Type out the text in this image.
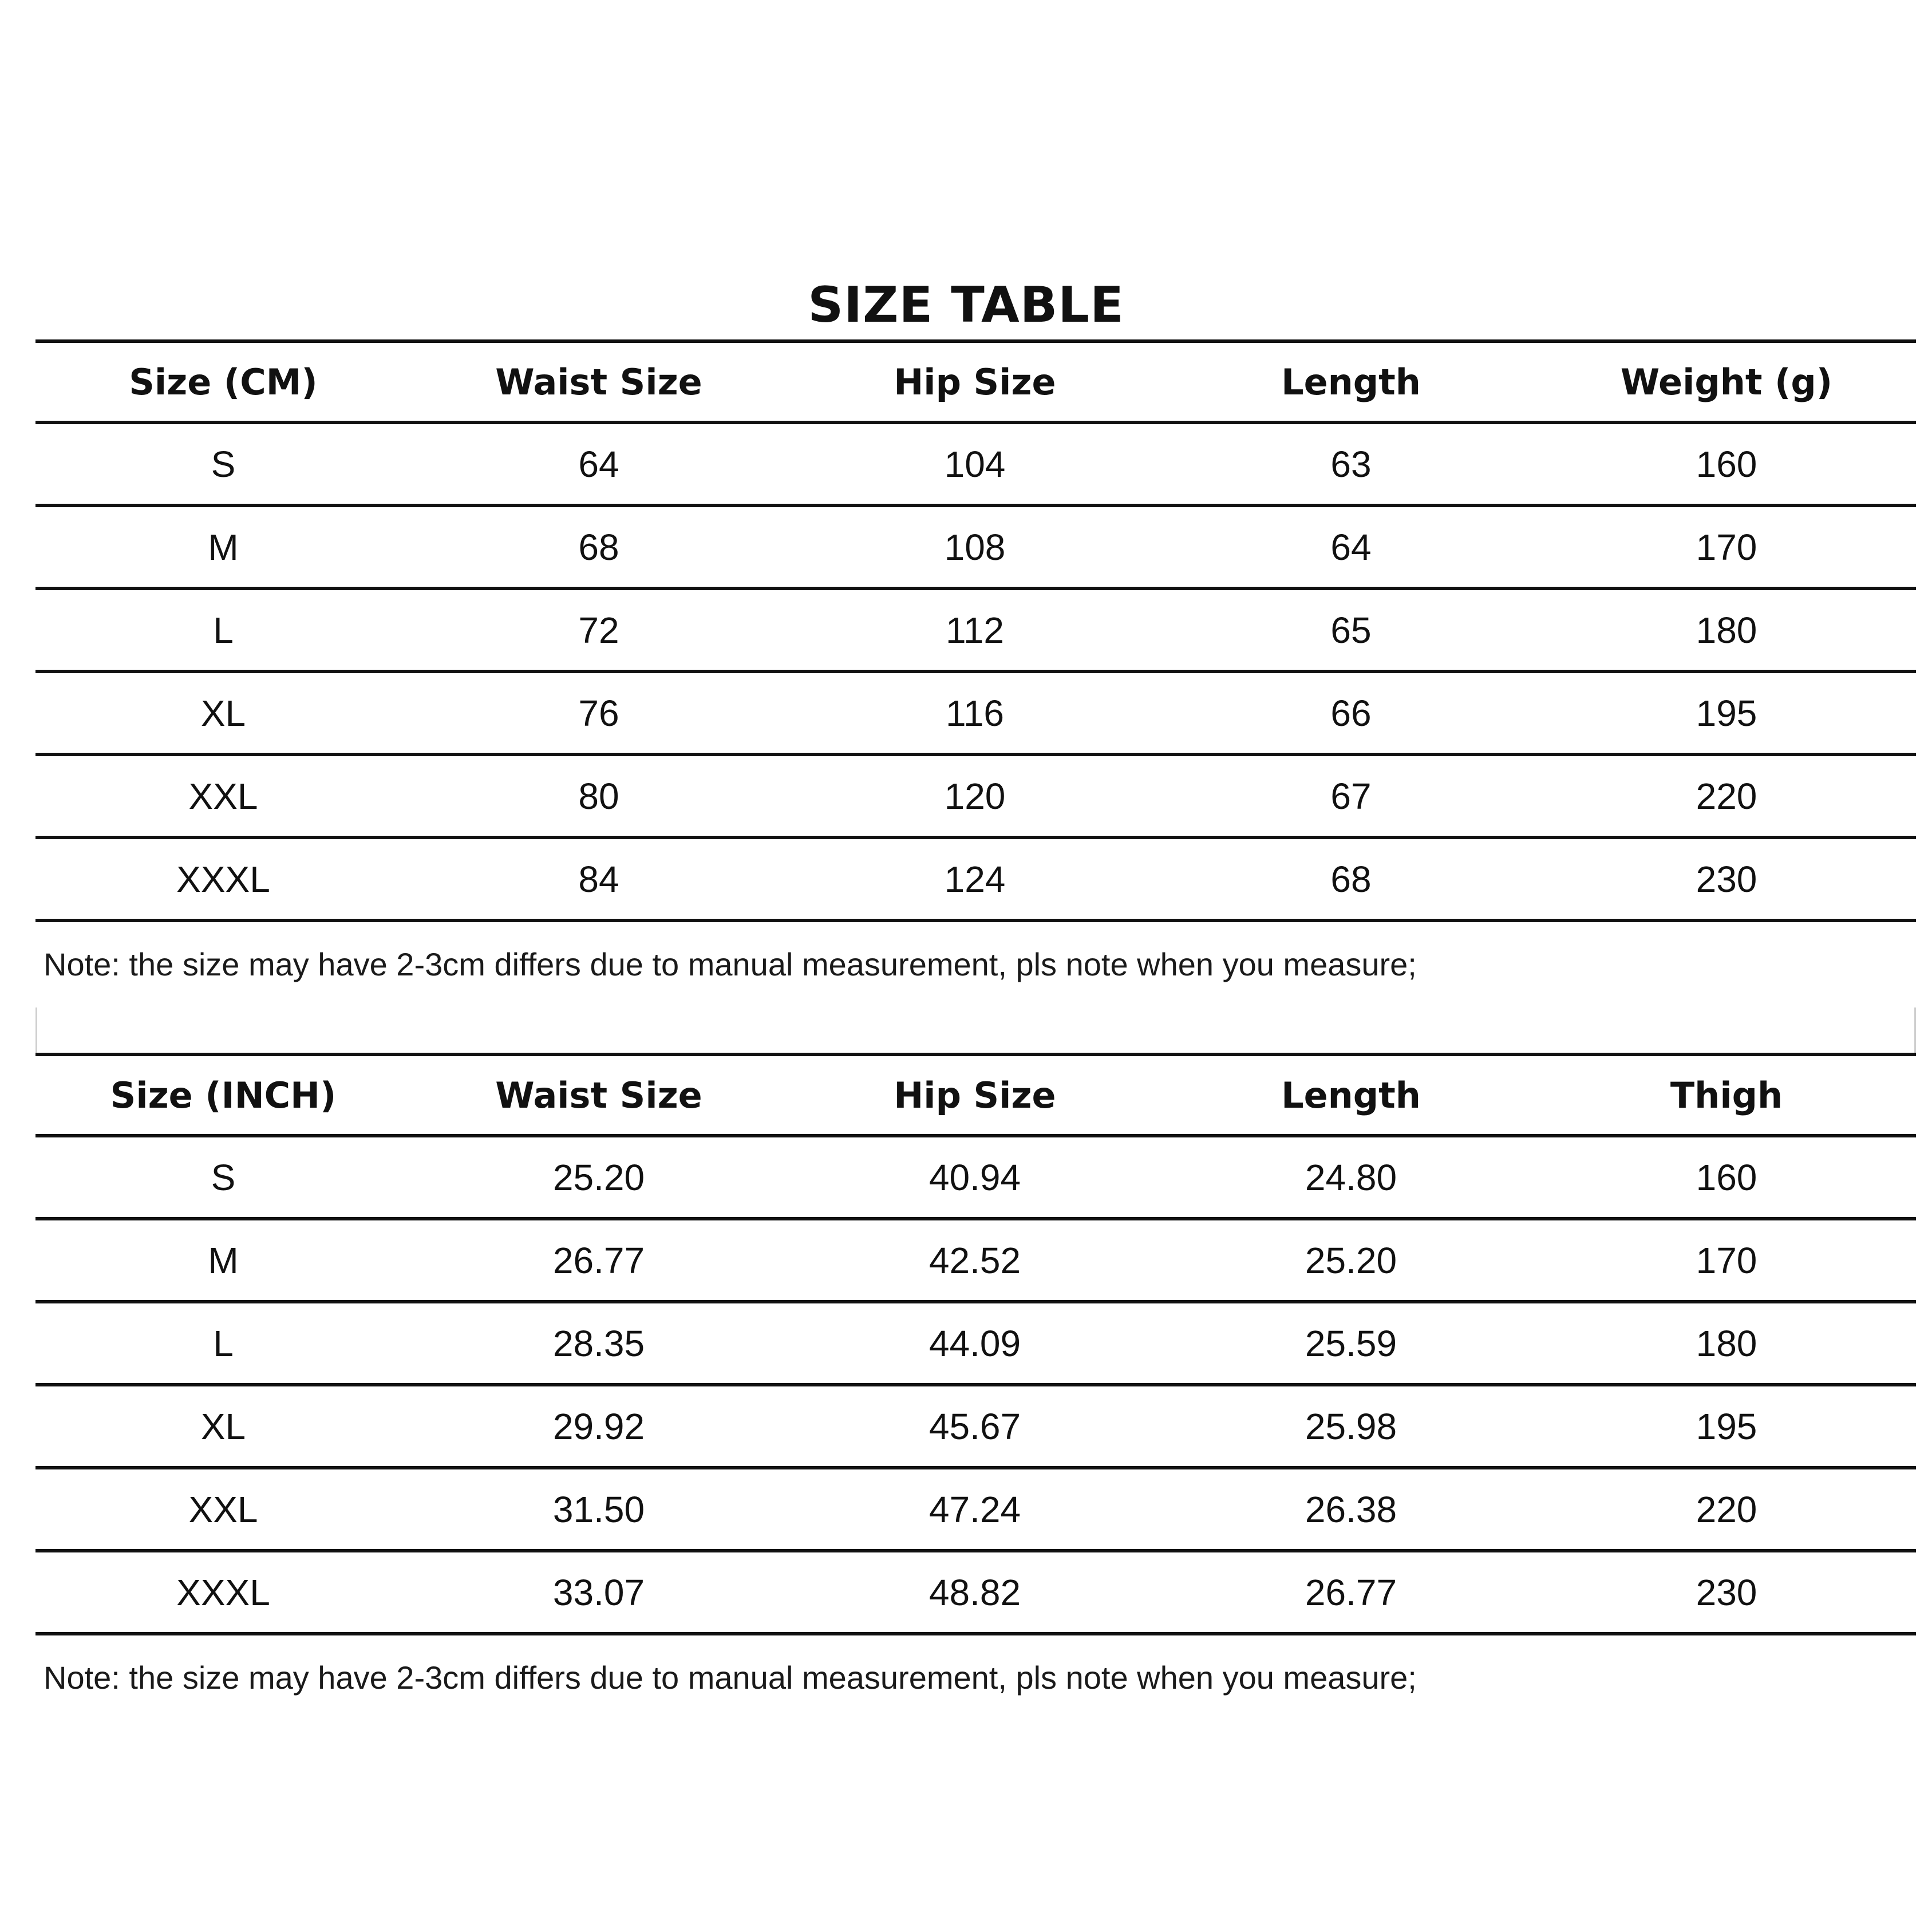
SIZE TABLE
Size (CM)	Waist Size	Hip Size	Length	Weight (g)
S	64	104	63	160
M	68	108	64	170
L	72	112	65	180
XL	76	116	66	195
XXL	80	120	67	220
XXXL	84	124	68	230
Note: the size may have 2-3cm differs due to manual measurement, pls note when you measure;
Size (INCH)	Waist Size	Hip Size	Length	Thigh
S	25.20	40.94	24.80	160
M	26.77	42.52	25.20	170
L	28.35	44.09	25.59	180
XL	29.92	45.67	25.98	195
XXL	31.50	47.24	26.38	220
XXXL	33.07	48.82	26.77	230
Note: the size may have 2-3cm differs due to manual measurement, pls note when you measure;
